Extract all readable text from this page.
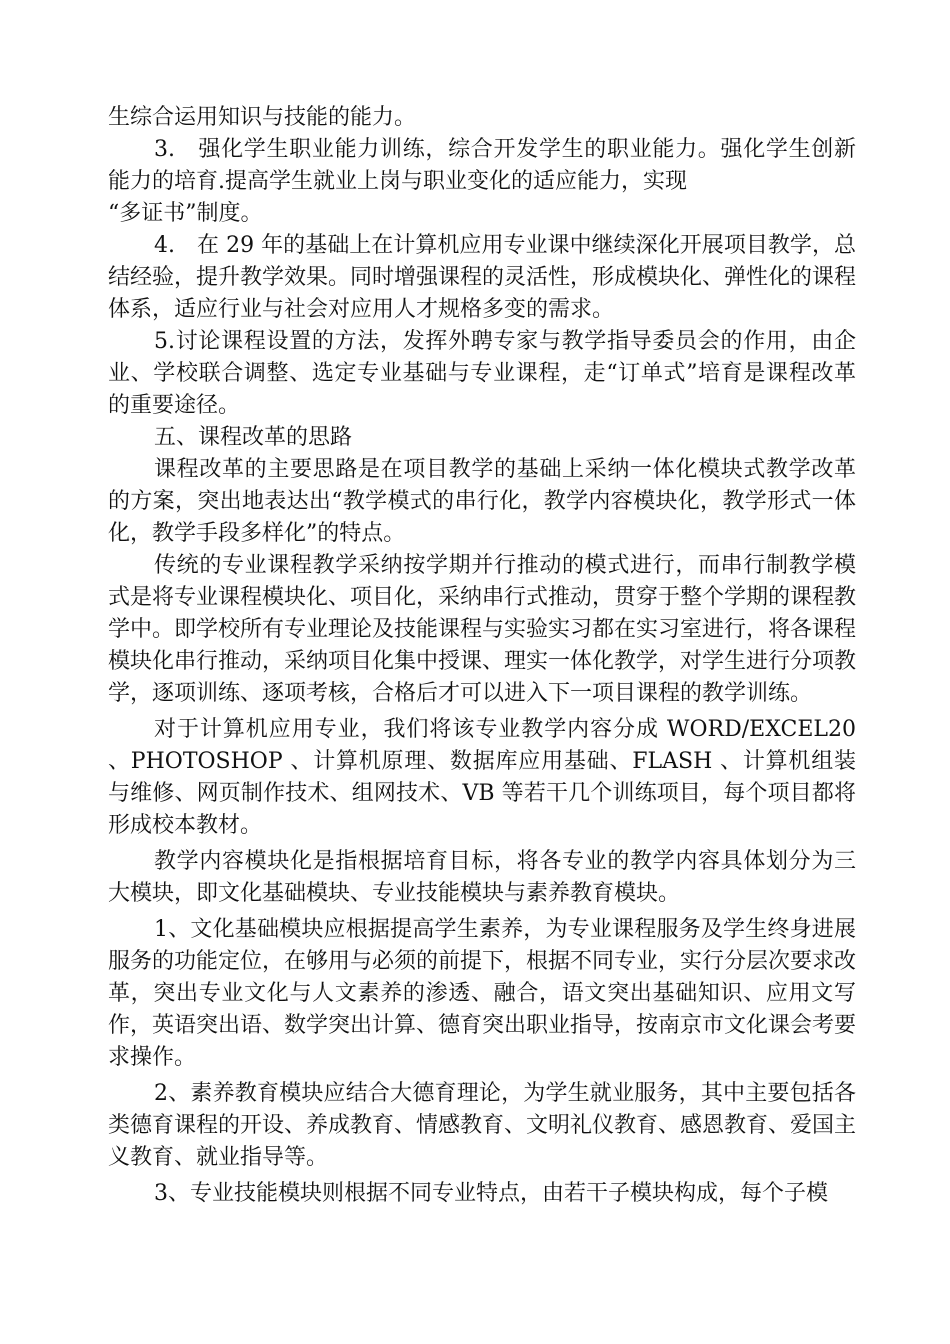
生综合运用知识与技能的能力。

3.　强化学生职业能力训练，综合开发学生的职业能力。强化学生创新能力的培育.提高学生就业上岗与职业变化的适应能力，实现

“多证书”制度。

4.　在 29 年的基础上在计算机应用专业课中继续深化开展项目教学，总结经验，提升教学效果。同时增强课程的灵活性，形成模块化、弹性化的课程体系，适应行业与社会对应用人才规格多变的需求。

5.讨论课程设置的方法，发挥外聘专家与教学指导委员会的作用，由企业、学校联合调整、选定专业基础与专业课程，走“订单式”培育是课程改革的重要途径。

五、课程改革的思路

课程改革的主要思路是在项目教学的基础上采纳一体化模块式教学改革的方案，突出地表达出“教学模式的串行化，教学内容模块化，教学形式一体化，教学手段多样化”的特点。

传统的专业课程教学采纳按学期并行推动的模式进行，而串行制教学模式是将专业课程模块化、项目化，采纳串行式推动，贯穿于整个学期的课程教学中。即学校所有专业理论及技能课程与实验实习都在实习室进行，将各课程模块化串行推动，采纳项目化集中授课、理实一体化教学，对学生进行分项教学，逐项训练、逐项考核，合格后才可以进入下一项目课程的教学训练。

对于计算机应用专业，我们将该专业教学内容分成 WORD/EXCEL20 、PHOTOSHOP 、计算机原理、数据库应用基础、FLASH 、计算机组装与维修、网页制作技术、组网技术、VB 等若干几个训练项目，每个项目都将形成校本教材。

教学内容模块化是指根据培育目标，将各专业的教学内容具体划分为三大模块，即文化基础模块、专业技能模块与素养教育模块。

1、文化基础模块应根据提高学生素养，为专业课程服务及学生终身进展服务的功能定位，在够用与必须的前提下，根据不同专业，实行分层次要求改革，突出专业文化与人文素养的渗透、融合，语文突出基础知识、应用文写作，英语突出语、数学突出计算、德育突出职业指导，按南京市文化课会考要求操作。

2、素养教育模块应结合大德育理论，为学生就业服务，其中主要包括各类德育课程的开设、养成教育、情感教育、文明礼仪教育、感恩教育、爱国主义教育、就业指导等。

3、专业技能模块则根据不同专业特点，由若干子模块构成，每个子模
